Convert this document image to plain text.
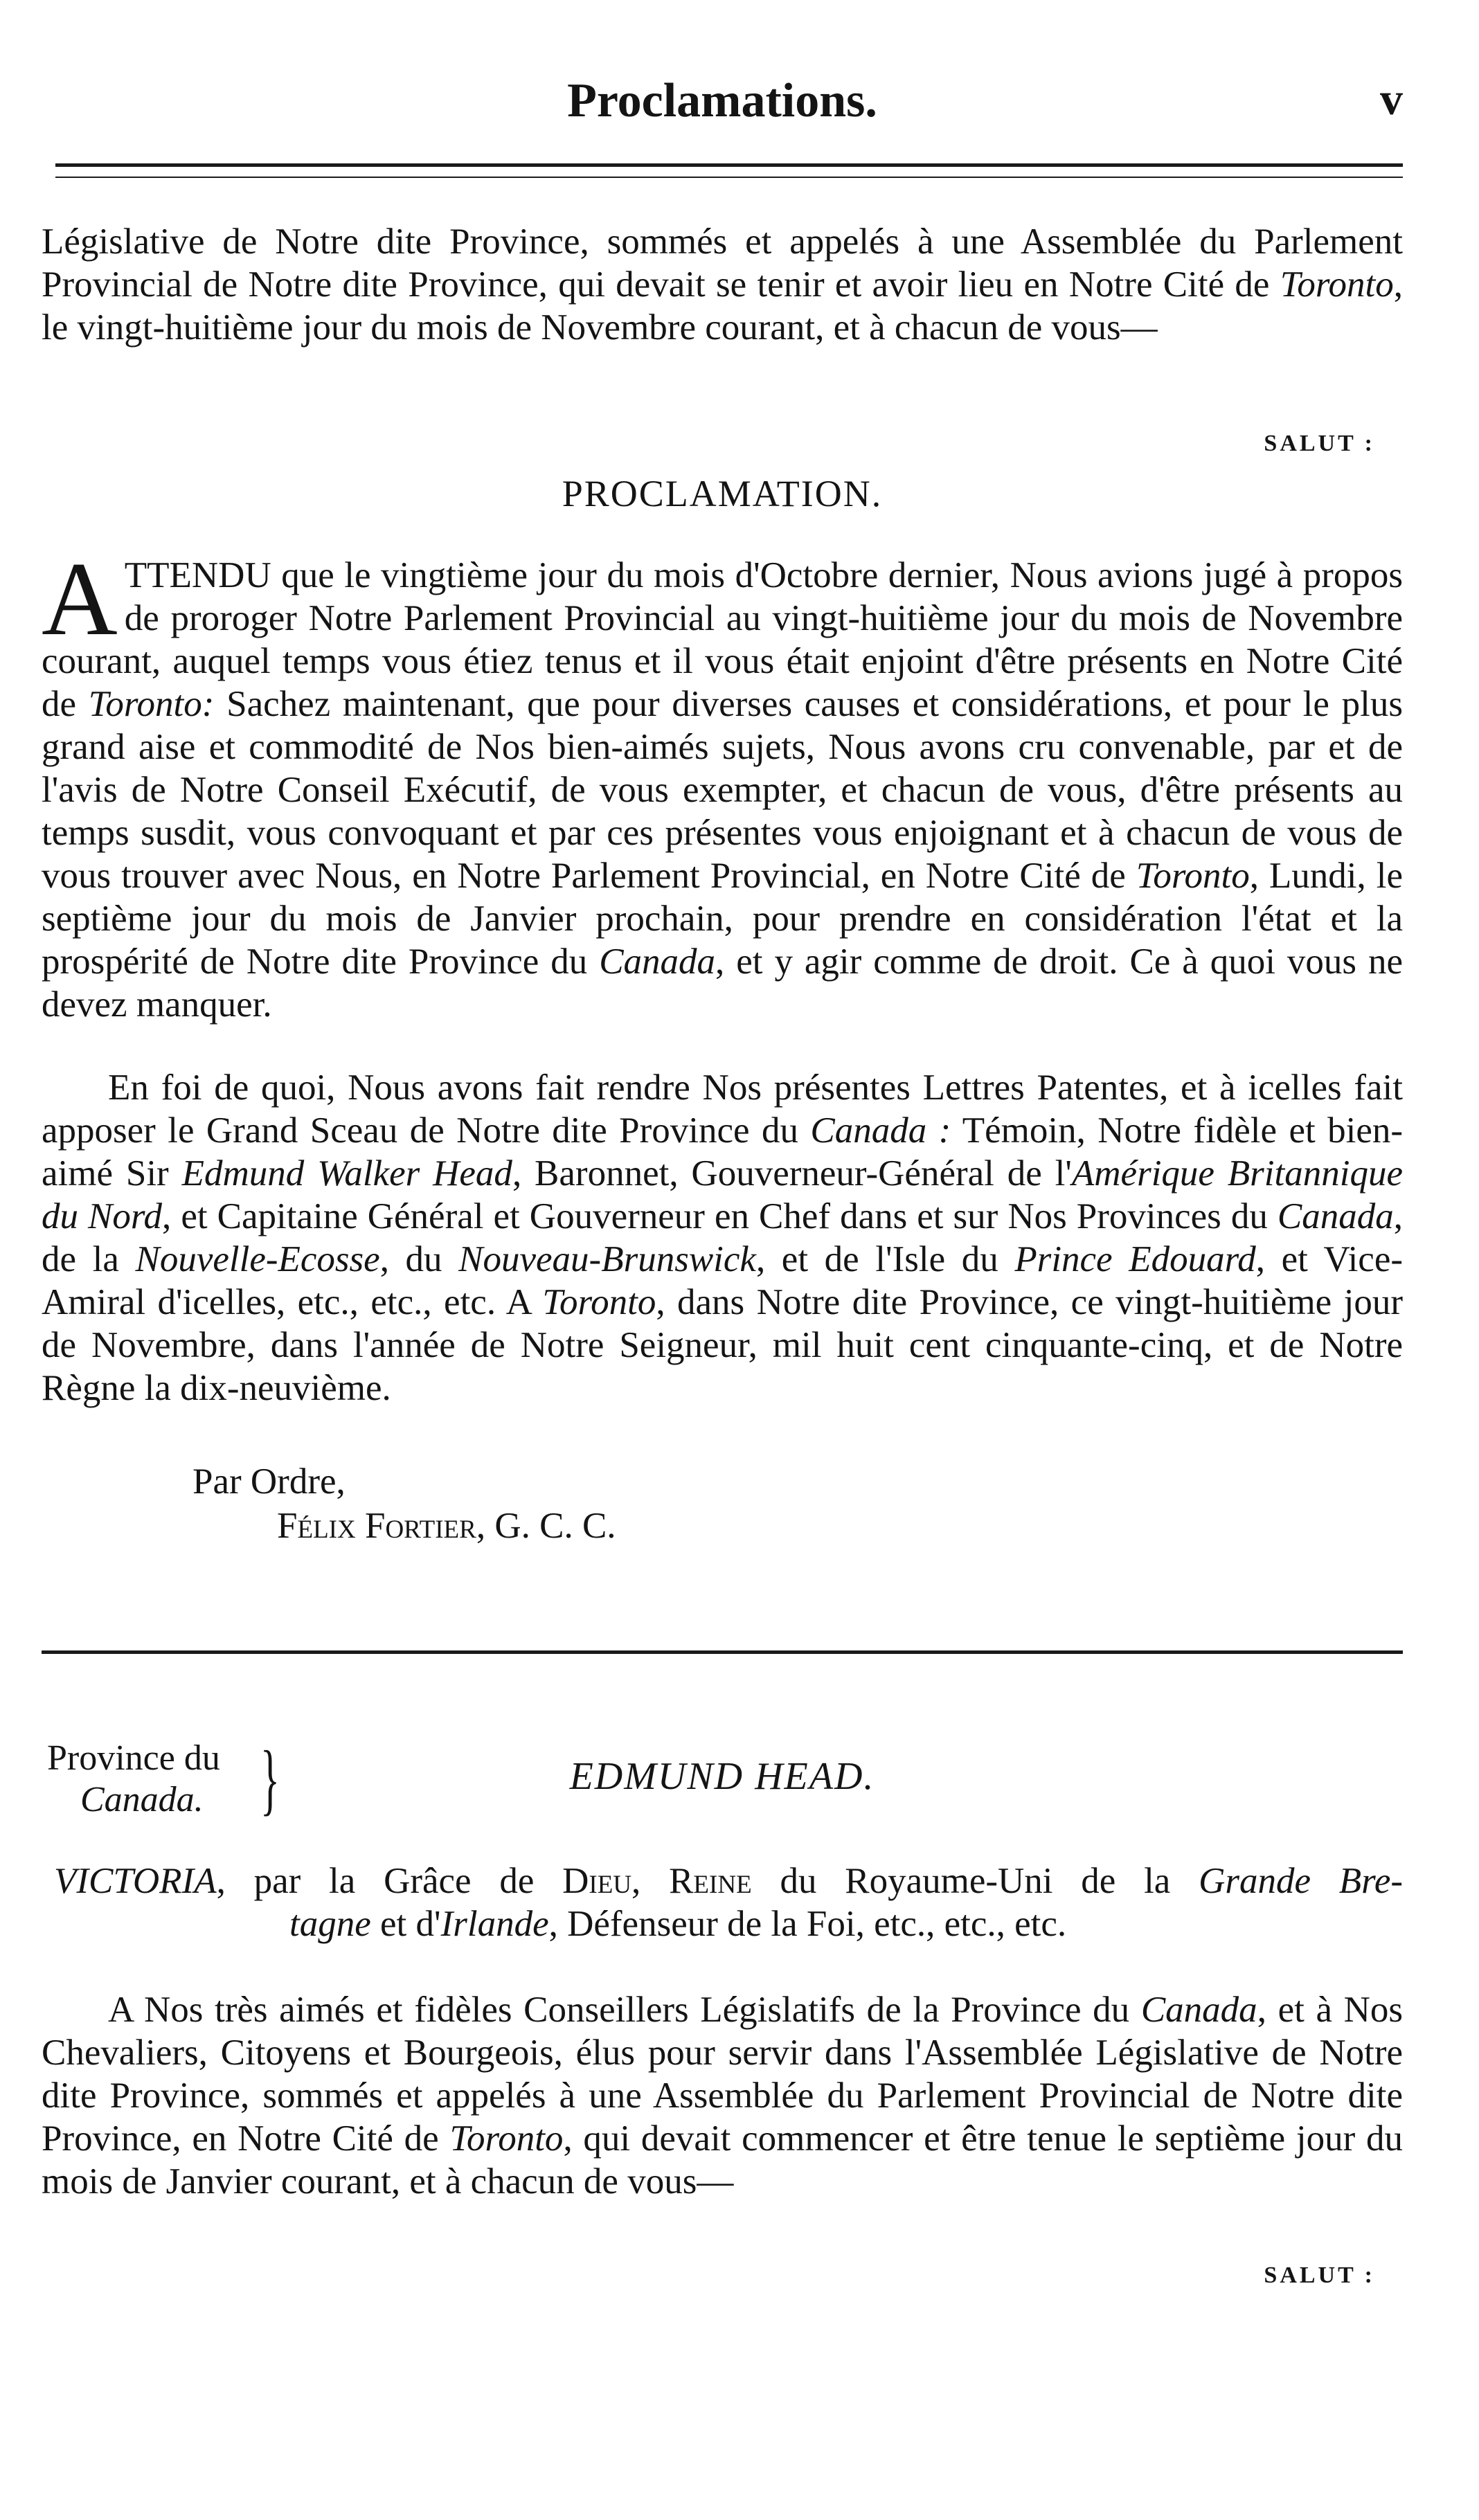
Proclamations.	v

Législative de Notre dite Province, sommés et appelés à une Assemblée du Parlement Provincial de Notre dite Province, qui devait se tenir et avoir lieu en Notre Cité de Toronto, le vingt-huitième jour du mois de Novembre courant, et à chacun de vous—

SALUT :
PROCLAMATION.

ATTENDU que le vingtième jour du mois d'Octobre dernier, Nous avions jugé à propos de proroger Notre Parlement Provincial au vingt-huitième jour du mois de Novembre courant, auquel temps vous étiez tenus et il vous était enjoint d'être présents en Notre Cité de Toronto: Sachez maintenant, que pour diverses causes et considérations, et pour le plus grand aise et commodité de Nos bien-aimés sujets, Nous avons cru convenable, par et de l'avis de Notre Conseil Exécutif, de vous exempter, et chacun de vous, d'être présents au temps susdit, vous convoquant et par ces présentes vous enjoignant et à chacun de vous de vous trouver avec Nous, en Notre Parlement Provincial, en Notre Cité de Toronto, Lundi, le septième jour du mois de Janvier prochain, pour prendre en considération l'état et la prospérité de Notre dite Province du Canada, et y agir comme de droit. Ce à quoi vous ne devez manquer.

En foi de quoi, Nous avons fait rendre Nos présentes Lettres Patentes, et à icelles fait apposer le Grand Sceau de Notre dite Province du Canada : Témoin, Notre fidèle et bien-aimé Sir Edmund Walker Head, Baronnet, Gouverneur-Général de l'Amérique Britannique du Nord, et Capitaine Général et Gouverneur en Chef dans et sur Nos Provinces du Canada, de la Nouvelle-Ecosse, du Nouveau-Brunswick, et de l'Isle du Prince Edouard, et Vice-Amiral d'icelles, etc., etc., etc. A Toronto, dans Notre dite Province, ce vingt-huitième jour de Novembre, dans l'année de Notre Seigneur, mil huit cent cinquante-cinq, et de Notre Règne la dix-neuvième.

Par Ordre,
Félix Fortier, G. C. C.
Province du
Canada. }	EDMUND HEAD.
VICTORIA, par la Grâce de Dieu, Reine du Royaume-Uni de la Grande Bre-
tagne et d'Irlande, Défenseur de la Foi, etc., etc., etc.

A Nos très aimés et fidèles Conseillers Législatifs de la Province du Canada, et à Nos Chevaliers, Citoyens et Bourgeois, élus pour servir dans l'Assemblée Législative de Notre dite Province, sommés et appelés à une Assemblée du Parlement Provincial de Notre dite Province, en Notre Cité de Toronto, qui devait commencer et être tenue le septième jour du mois de Janvier courant, et à chacun de vous—

SALUT :
